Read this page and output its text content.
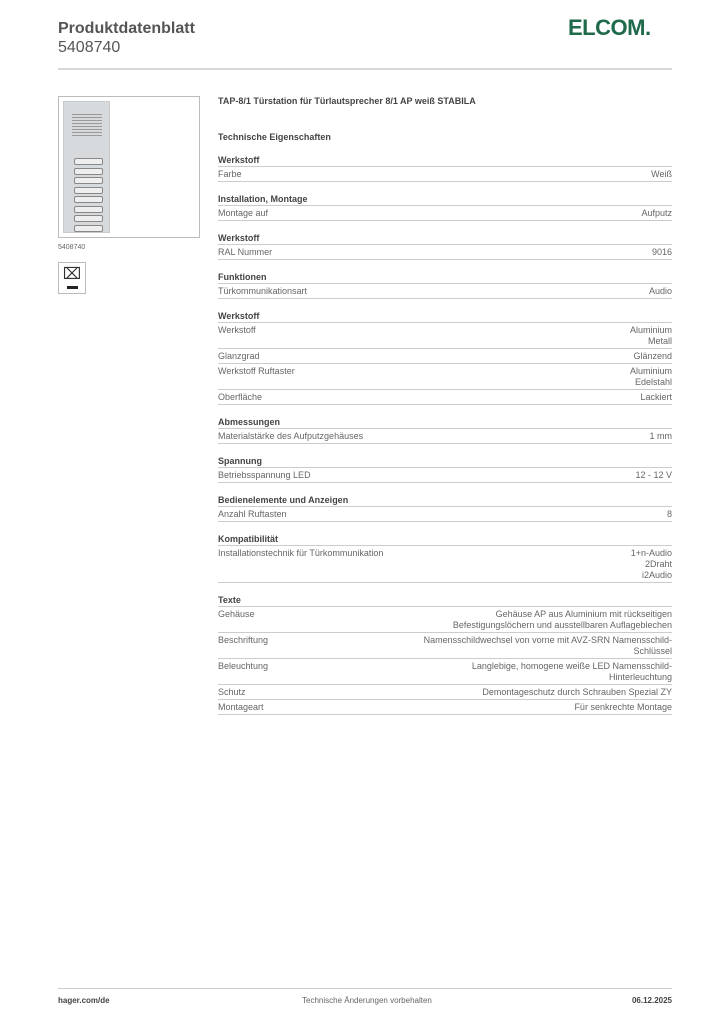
Produktdatenblatt
5408740
ELCOM.
5408740
⌧
TAP-8/1 Türstation für Türlautsprecher 8/1 AP weiß STABILA
Technische Eigenschaften
Werkstoff
Farbe	Weiß
Installation, Montage
Montage auf	Aufputz
Werkstoff
RAL Nummer	9016
Funktionen
Türkommunikationsart	Audio
Werkstoff
Werkstoff	Aluminium
Metall
Glanzgrad	Glänzend
Werkstoff Ruftaster	Aluminium
Edelstahl
Oberfläche	Lackiert
Abmessungen
Materialstärke des Aufputzgehäuses	1 mm
Spannung
Betriebsspannung LED	12 - 12 V
Bedienelemente und Anzeigen
Anzahl Ruftasten	8
Kompatibilität
Installationstechnik für Türkommunikation	1+n-Audio
2Draht
i2Audio
Texte
Gehäuse	Gehäuse AP aus Aluminium mit rückseitigen
Befestigungslöchern und ausstellbaren Auflageblechen
Beschriftung	Namensschildwechsel von vorne mit AVZ-SRN Namensschild-
Schlüssel
Beleuchtung	Langlebige, homogene weiße LED Namensschild-
Hinterleuchtung
Schutz	Demontageschutz durch Schrauben Spezial ZY
Montageart	Für senkrechte Montage
hager.com/de	Technische Änderungen vorbehalten	06.12.2025
